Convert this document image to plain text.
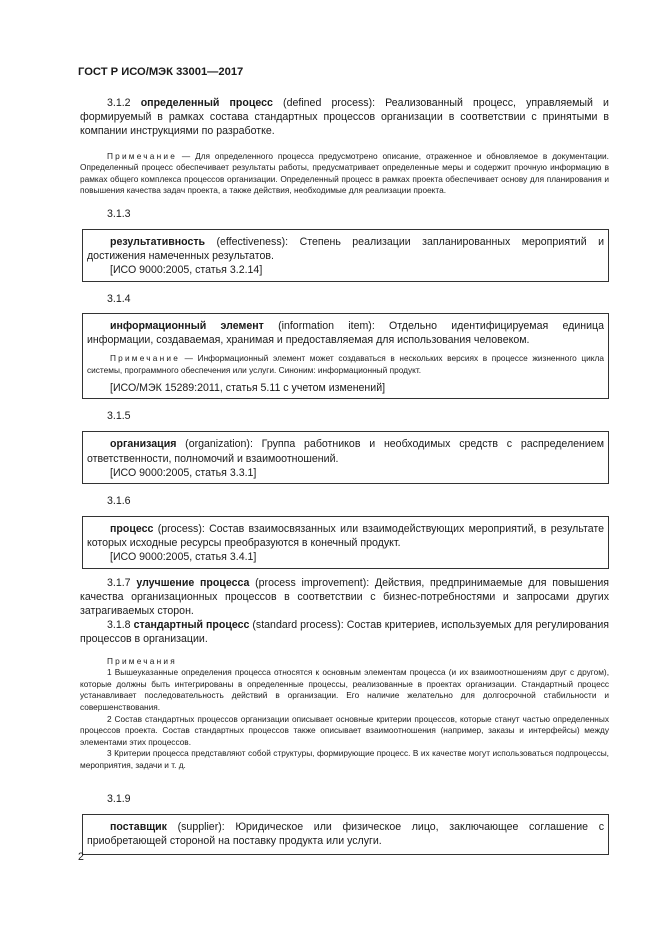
ГОСТ Р ИСО/МЭК 33001—2017

3.1.2 определенный процесс (defined process): Реализованный процесс, управляемый и формируемый в рамках состава стандартных процессов организации в соответствии с принятыми в компании инструкциями по разработке.

Примечание — Для определенного процесса предусмотрено описание, отраженное и обновляемое в документации. Определенный процесс обеспечивает результаты работы, предусматривает определенные меры и содержит прочную информацию в рамках общего комплекса процессов организации. Определенный процесс в рамках проекта обеспечивает основу для планирования и повышения качества задач проекта, а также действия, необходимые для реализации проекта.

3.1.3

результативность (effectiveness): Степень реализации запланированных мероприятий и достижения намеченных результатов.

[ИСО 9000:2005, статья 3.2.14]

3.1.4

информационный элемент (information item): Отдельно идентифицируемая единица информации, создаваемая, хранимая и предоставляемая для использования человеком.

Примечание — Информационный элемент может создаваться в нескольких версиях в процессе жизненного цикла системы, программного обеспечения или услуги. Синоним: информационный продукт.

[ИСО/МЭК 15289:2011, статья 5.11 с учетом изменений]

3.1.5

организация (organization): Группа работников и необходимых средств с распределением ответственности, полномочий и взаимоотношений.

[ИСО 9000:2005, статья 3.3.1]

3.1.6

процесс (process): Состав взаимосвязанных или взаимодействующих мероприятий, в результате которых исходные ресурсы преобразуются в конечный продукт.

[ИСО 9000:2005, статья 3.4.1]

3.1.7 улучшение процесса (process improvement): Действия, предпринимаемые для повышения качества организационных процессов в соответствии с бизнес-потребностями и запросами других затрагиваемых сторон.

3.1.8 стандартный процесс (standard process): Состав критериев, используемых для регулирования процессов в организации.

Примечания

1 Вышеуказанные определения процесса относятся к основным элементам процесса (и их взаимоотношениям друг с другом), которые должны быть интегрированы в определенные процессы, реализованные в проектах организации. Стандартный процесс устанавливает последовательность действий в организации. Его наличие желательно для долгосрочной стабильности и совершенствования.

2 Состав стандартных процессов организации описывает основные критерии процессов, которые станут частью определенных процессов проекта. Состав стандартных процессов также описывает взаимоотношения (например, заказы и интерфейсы) между элементами этих процессов.

3 Критерии процесса представляют собой структуры, формирующие процесс. В их качестве могут использоваться подпроцессы, мероприятия, задачи и т. д.

3.1.9

поставщик (supplier): Юридическое или физическое лицо, заключающее соглашение с приобретающей стороной на поставку продукта или услуги.

2
